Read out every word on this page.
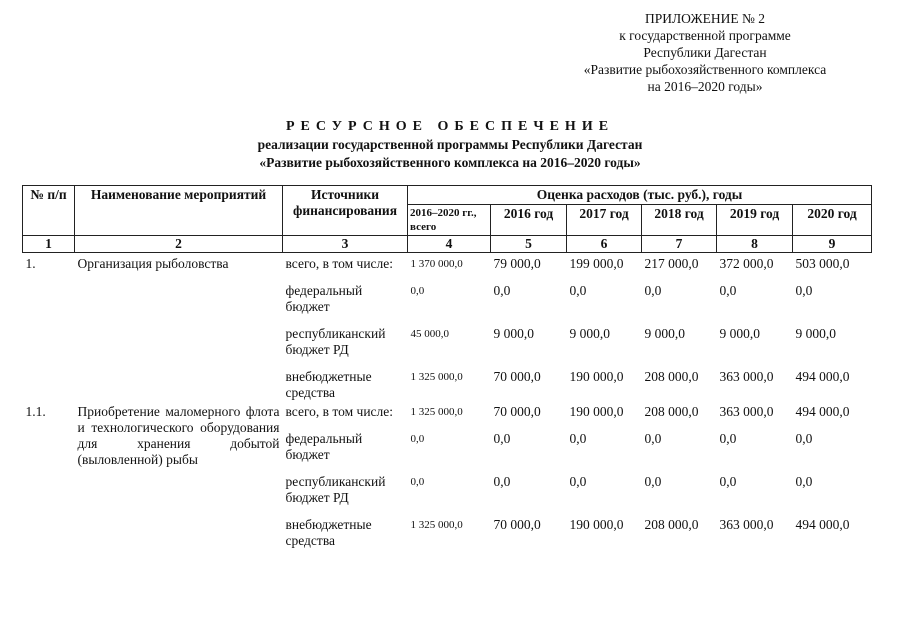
ПРИЛОЖЕНИЕ № 2
к государственной программе
Республики Дагестан
«Развитие рыбохозяйственного комплекса
на 2016–2020 годы»
РЕСУРСНОЕ ОБЕСПЕЧЕНИЕ
реализации государственной программы Республики Дагестан
«Развитие рыбохозяйственного комплекса на 2016–2020 годы»
№ п/п	Наименование мероприятий	Источники финансирования	Оценка расходов (тыс. руб.), годы					
			2016–2020 гг., всего	2016 год	2017 год	2018 год	2019 год	2020 год
1	2	3	4	5	6	7	8	9
1.	Организация рыболовства	всего, в том числе:	1 370 000,0	79 000,0	199 000,0	217 000,0	372 000,0	503 000,0

		федеральный бюджет	0,0	0,0	0,0	0,0	0,0	0,0

		республиканский бюджет РД	45 000,0	9 000,0	9 000,0	9 000,0	9 000,0	9 000,0

		внебюджетные средства	1 325 000,0	70 000,0	190 000,0	208 000,0	363 000,0	494 000,0
1.1.	Приобретение маломерного флота и технологического оборудования для хранения добытой (выловленной) рыбы	всего, в том числе:	1 325 000,0	70 000,0	190 000,0	208 000,0	363 000,0	494 000,0

		федеральный бюджет	0,0	0,0	0,0	0,0	0,0	0,0

		республиканский бюджет РД	0,0	0,0	0,0	0,0	0,0	0,0

		внебюджетные средства	1 325 000,0	70 000,0	190 000,0	208 000,0	363 000,0	494 000,0
